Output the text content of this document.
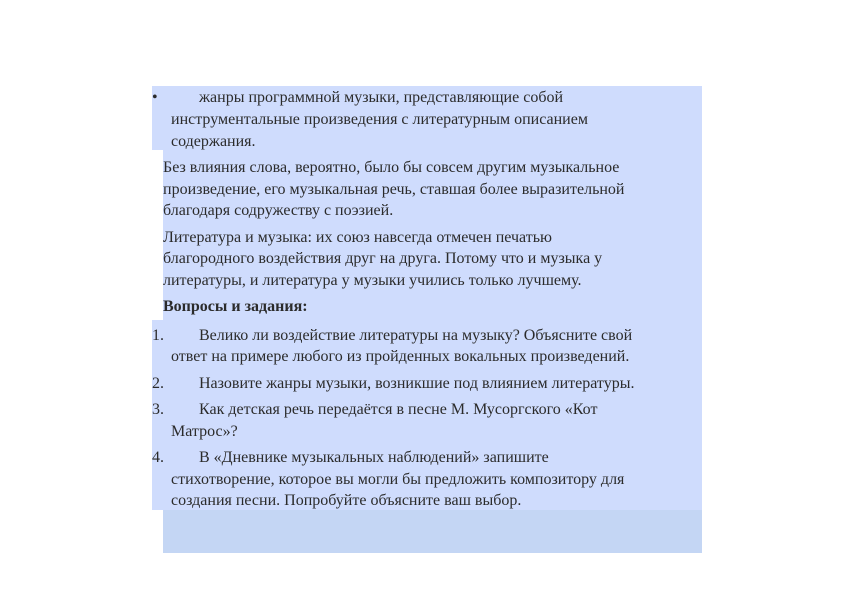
•	жанры программной музыки, представляющие собой
инструментальные произведения с литературным описанием
содержания.
Без влияния слова, вероятно, было бы совсем другим музыкальное
произведение, его музыкальная речь, ставшая более выразительной
благодаря содружеству с поэзией.
Литература и музыка: их союз навсегда отмечен печатью
благородного воздействия друг на друга. Потому что и музыка у
литературы, и литература у музыки учились только лучшему.
Вопросы и задания:
1. Велико ли воздействие литературы на музыку? Объясните свой
ответ на примере любого из пройденных вокальных произведений.
2. Назовите жанры музыки, возникшие под влиянием литературы.
3. Как детская речь передаётся в песне М. Мусоргского «Кот
Матрос»?
4. В «Дневнике музыкальных наблюдений» запишите
стихотворение, которое вы могли бы предложить композитору для
создания песни. Попробуйте объясните ваш выбор.
